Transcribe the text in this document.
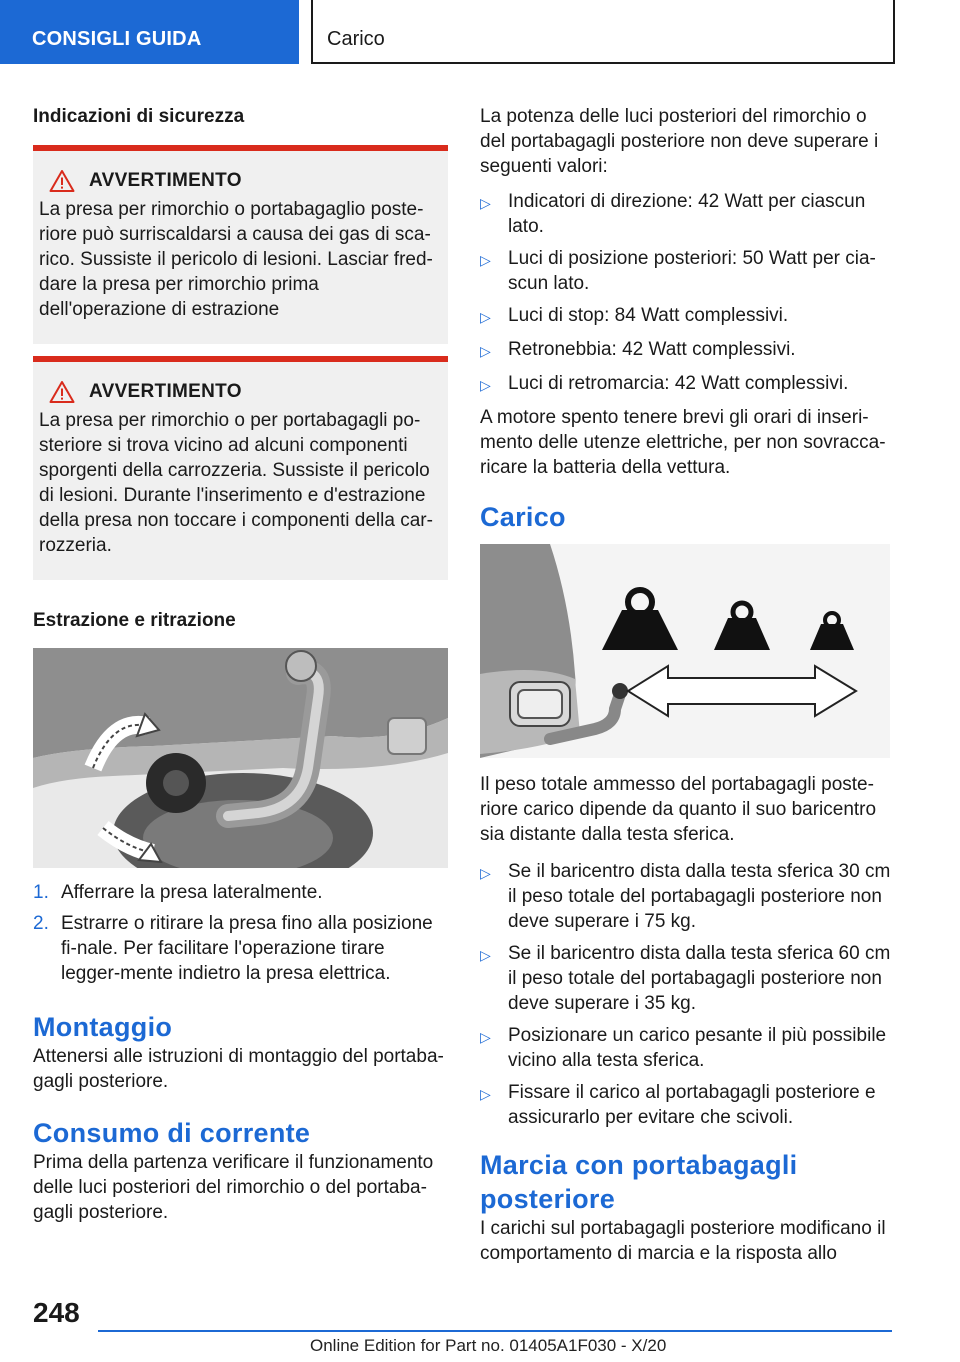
CONSIGLI GUIDA	Carico
Indicazioni di sicurezza
AVVERTIMENTO
La presa per rimorchio o portabagaglio poste-riore può surriscaldarsi a causa dei gas di sca-rico. Sussiste il pericolo di lesioni. Lasciar fred-dare la presa per rimorchio prima dell'operazione di estrazione
AVVERTIMENTO
La presa per rimorchio o per portabagagli po-steriore si trova vicino ad alcuni componenti sporgenti della carrozzeria. Sussiste il pericolo di lesioni. Durante l'inserimento e d'estrazione della presa non toccare i componenti della car-rozzeria.
Estrazione e ritrazione
1. Afferrare la presa lateralmente.
2. Estrarre o ritirare la presa fino alla posizione fi-nale. Per facilitare l'operazione tirare legger-mente indietro la presa elettrica.
Montaggio
Attenersi alle istruzioni di montaggio del portaba-gagli posteriore.
Consumo di corrente
Prima della partenza verificare il funzionamento delle luci posteriori del rimorchio o del portaba-gagli posteriore.
La potenza delle luci posteriori del rimorchio o del portabagagli posteriore non deve superare i seguenti valori:
▷ Indicatori di direzione: 42 Watt per ciascun lato.
▷ Luci di posizione posteriori: 50 Watt per cia-scun lato.
▷ Luci di stop: 84 Watt complessivi.
▷ Retronebbia: 42 Watt complessivi.
▷ Luci di retromarcia: 42 Watt complessivi.
A motore spento tenere brevi gli orari di inseri-mento delle utenze elettriche, per non sovracca-ricare la batteria della vettura.
Carico
Il peso totale ammesso del portabagagli poste-riore carico dipende da quanto il suo baricentro sia distante dalla testa sferica.
▷ Se il baricentro dista dalla testa sferica 30 cm il peso totale del portabagagli posteriore non deve superare i 75 kg.
▷ Se il baricentro dista dalla testa sferica 60 cm il peso totale del portabagagli posteriore non deve superare i 35 kg.
▷ Posizionare un carico pesante il più possibile vicino alla testa sferica.
▷ Fissare il carico al portabagagli posteriore e assicurarlo per evitare che scivoli.
Marcia con portabagagli posteriore
I carichi sul portabagagli posteriore modificano il comportamento di marcia e la risposta allo
248
Online Edition for Part no. 01405A1F030 - X/20
